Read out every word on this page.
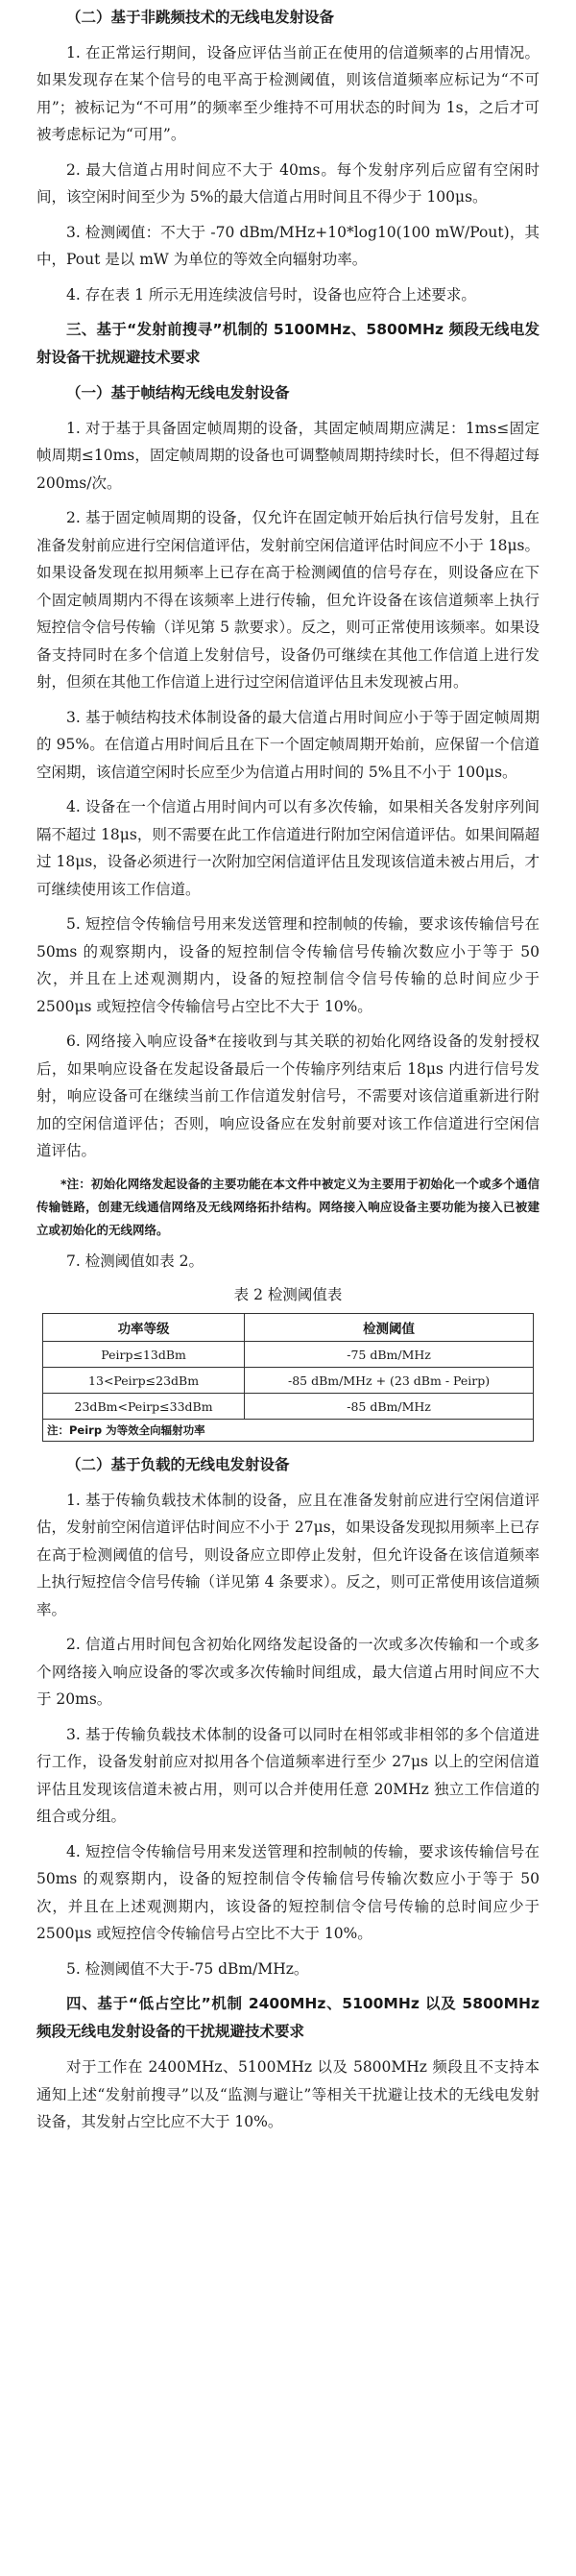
（二）基于非跳频技术的无线电发射设备

1. 在正常运行期间，设备应评估当前正在使用的信道频率的占用情况。如果发现存在某个信号的电平高于检测阈值，则该信道频率应标记为“不可用”；被标记为“不可用”的频率至少维持不可用状态的时间为 1s，之后才可被考虑标记为“可用”。

2. 最大信道占用时间应不大于 40ms。每个发射序列后应留有空闲时间，该空闲时间至少为 5%的最大信道占用时间且不得少于 100μs。

3. 检测阈值：不大于 -70 dBm/MHz+10*log10(100 mW/Pout)，其中，Pout 是以 mW 为单位的等效全向辐射功率。

4. 存在表 1 所示无用连续波信号时，设备也应符合上述要求。

三、基于“发射前搜寻”机制的 5100MHz、5800MHz 频段无线电发射设备干扰规避技术要求
（一）基于帧结构无线电发射设备

1. 对于基于具备固定帧周期的设备，其固定帧周期应满足：1ms≤固定帧周期≤10ms，固定帧周期的设备也可调整帧周期持续时长，但不得超过每 200ms/次。

2. 基于固定帧周期的设备，仅允许在固定帧开始后执行信号发射，且在准备发射前应进行空闲信道评估，发射前空闲信道评估时间应不小于 18μs。如果设备发现在拟用频率上已存在高于检测阈值的信号存在，则设备应在下个固定帧周期内不得在该频率上进行传输，但允许设备在该信道频率上执行短控信令信号传输（详见第 5 款要求）。反之，则可正常使用该频率。如果设备支持同时在多个信道上发射信号，设备仍可继续在其他工作信道上进行发射，但须在其他工作信道上进行过空闲信道评估且未发现被占用。

3. 基于帧结构技术体制设备的最大信道占用时间应小于等于固定帧周期的 95%。在信道占用时间后且在下一个固定帧周期开始前，应保留一个信道空闲期，该信道空闲时长应至少为信道占用时间的 5%且不小于 100μs。

4. 设备在一个信道占用时间内可以有多次传输，如果相关各发射序列间隔不超过 18μs，则不需要在此工作信道进行附加空闲信道评估。如果间隔超过 18μs，设备必须进行一次附加空闲信道评估且发现该信道未被占用后，才可继续使用该工作信道。

5. 短控信令传输信号用来发送管理和控制帧的传输，要求该传输信号在 50ms 的观察期内，设备的短控制信令传输信号传输次数应小于等于 50 次，并且在上述观测期内，设备的短控制信令信号传输的总时间应少于 2500μs 或短控信令传输信号占空比不大于 10%。

6. 网络接入响应设备*在接收到与其关联的初始化网络设备的发射授权后，如果响应设备在发起设备最后一个传输序列结束后 18μs 内进行信号发射，响应设备可在继续当前工作信道发射信号，不需要对该信道重新进行附加的空闲信道评估；否则，响应设备应在发射前要对该工作信道进行空闲信道评估。

*注：初始化网络发起设备的主要功能在本文件中被定义为主要用于初始化一个或多个通信传输链路，创建无线通信网络及无线网络拓扑结构。网络接入响应设备主要功能为接入已被建立或初始化的无线网络。

7. 检测阈值如表 2。

表 2 检测阈值表
功率等级	检测阈值
Peirp≤13dBm	-75 dBm/MHz
13<Peirp≤23dBm	-85 dBm/MHz + (23 dBm - Peirp)
23dBm<Peirp≤33dBm	-85 dBm/MHz
注：Peirp 为等效全向辐射功率	
（二）基于负载的无线电发射设备

1. 基于传输负载技术体制的设备，应且在准备发射前应进行空闲信道评估，发射前空闲信道评估时间应不小于 27μs，如果设备发现拟用频率上已存在高于检测阈值的信号，则设备应立即停止发射，但允许设备在该信道频率上执行短控信令信号传输（详见第 4 条要求）。反之，则可正常使用该信道频率。

2. 信道占用时间包含初始化网络发起设备的一次或多次传输和一个或多个网络接入响应设备的零次或多次传输时间组成，最大信道占用时间应不大于 20ms。

3. 基于传输负载技术体制的设备可以同时在相邻或非相邻的多个信道进行工作，设备发射前应对拟用各个信道频率进行至少 27μs 以上的空闲信道评估且发现该信道未被占用，则可以合并使用任意 20MHz 独立工作信道的组合或分组。

4. 短控信令传输信号用来发送管理和控制帧的传输，要求该传输信号在 50ms 的观察期内，设备的短控制信令传输信号传输次数应小于等于 50 次，并且在上述观测期内，该设备的短控制信令信号传输的总时间应少于 2500μs 或短控信令传输信号占空比不大于 10%。

5. 检测阈值不大于-75 dBm/MHz。

四、基于“低占空比”机制 2400MHz、5100MHz 以及 5800MHz 频段无线电发射设备的干扰规避技术要求

对于工作在 2400MHz、5100MHz 以及 5800MHz 频段且不支持本通知上述“发射前搜寻”以及“监测与避让”等相关干扰避让技术的无线电发射设备，其发射占空比应不大于 10%。
